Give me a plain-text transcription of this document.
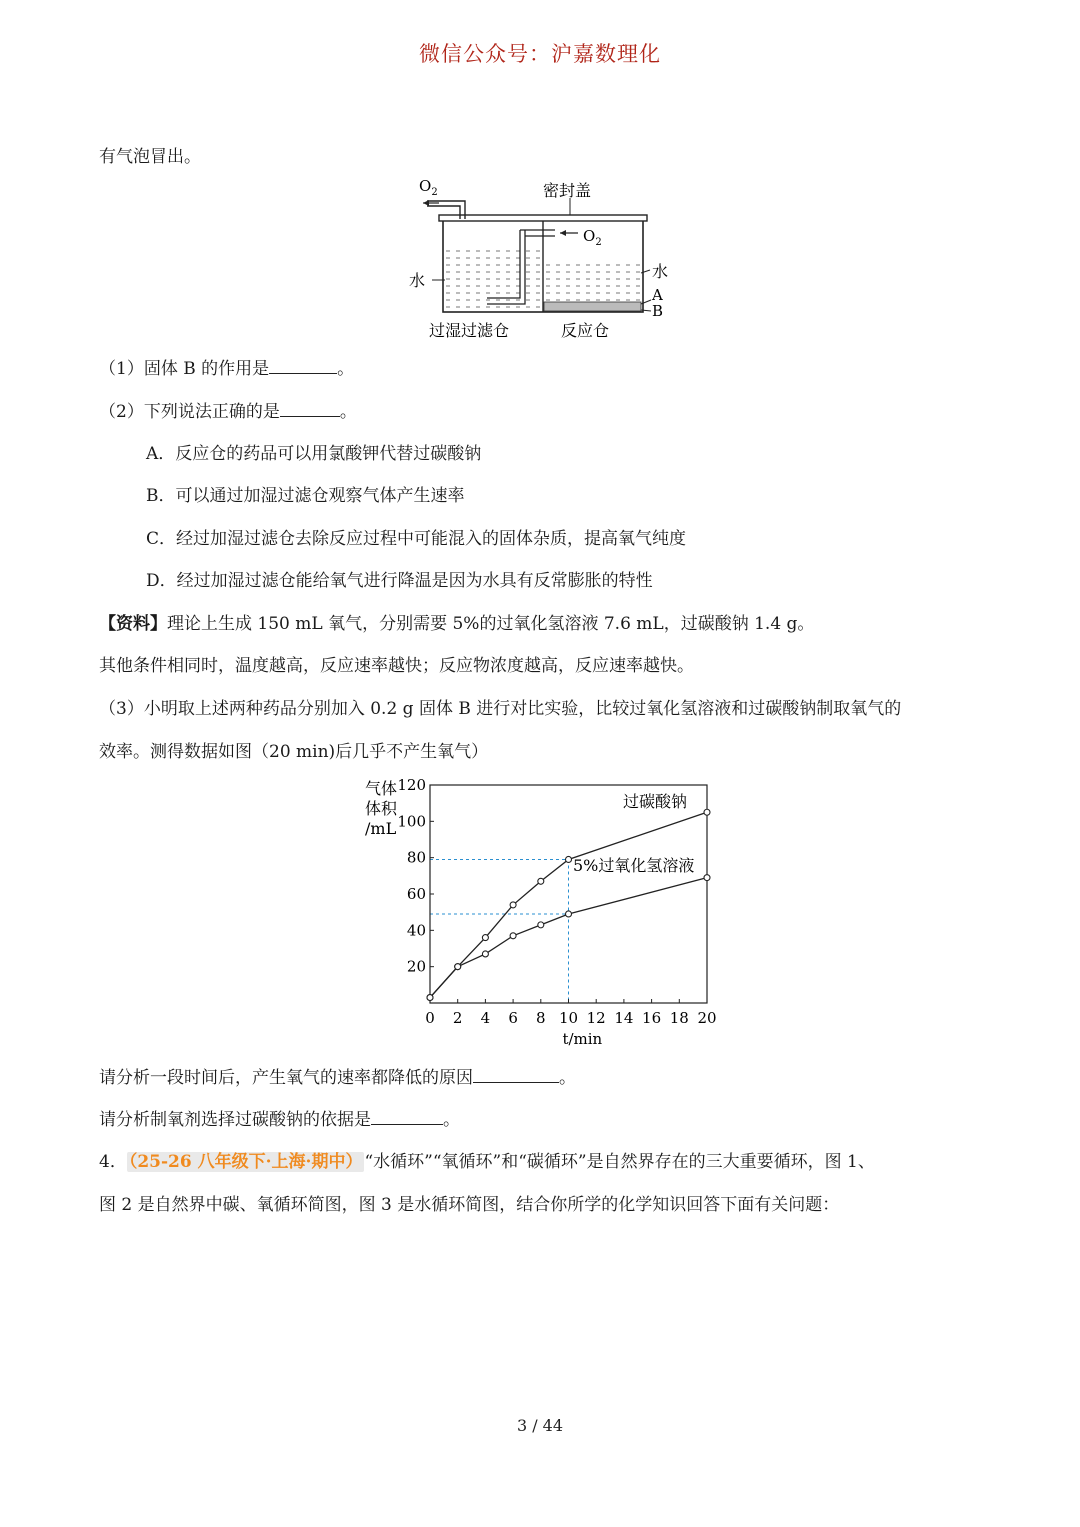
微信公众号：沪嘉数理化
有气泡冒出。
$O_2$	密封盖
$O_2$
水	水
A
B
过湿过滤仓	反应仓
（1）固体 B 的作用是	。
（2）下列说法正确的是	。
A．反应仓的药品可以用氯酸钾代替过碳酸钠
B．可以通过加湿过滤仓观察气体产生速率
C．经过加湿过滤仓去除反应过程中可能混入的固体杂质，提高氧气纯度
D．经过加湿过滤仓能给氧气进行降温是因为水具有反常膨胀的特性
【资料】理论上生成 150 mL 氧气，分别需要 5%的过氧化氢溶液 7.6 mL，过碳酸钠 1.4 g。
其他条件相同时，温度越高，反应速率越快；反应物浓度越高，反应速率越快。
（3）小明取上述两种药品分别加入 0.2 g 固体 B 进行对比实验，比较过氧化氢溶液和过碳酸钠制取氧气的
效率。测得数据如图（20 min)后几乎不产生氧气）
20
40
60
80
100
120
0 2 4 6 8 10 12 14 16 18 20
气体
体积
/mL
t/min
过碳酸钠
5%过氧化氢溶液
请分析一段时间后，产生氧气的速率都降低的原因	。
请分析制氧剂选择过碳酸钠的依据是	。
4． （25-26 八年级下·上海·期中） “水循环”“氧循环”和“碳循环”是自然界存在的三大重要循环，图 1、
图 2 是自然界中碳、氧循环简图，图 3 是水循环简图，结合你所学的化学知识回答下面有关问题：
3 / 44
